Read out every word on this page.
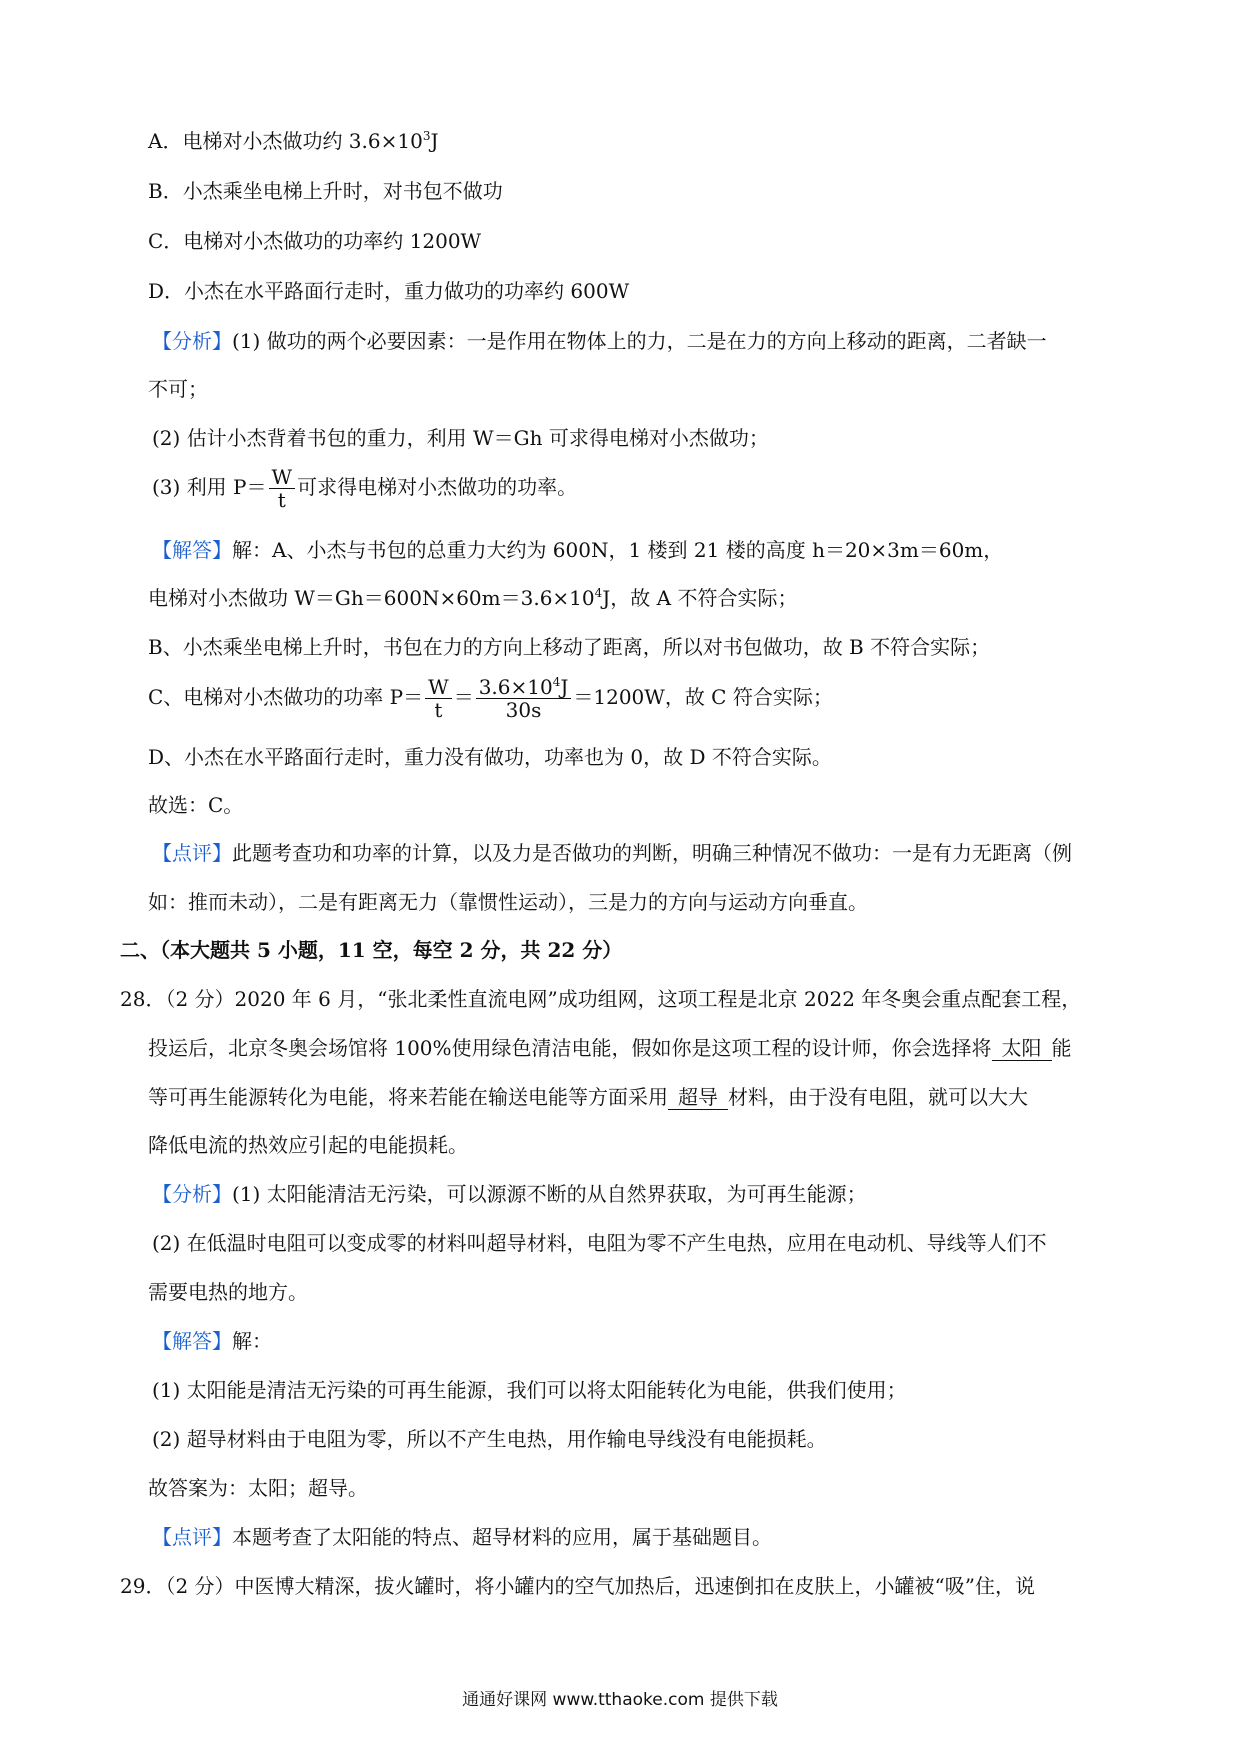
A．电梯对小杰做功约 $3.6\times 10^3J$
B．小杰乘坐电梯上升时，对书包不做功
C．电梯对小杰做功的功率约 1200W
D．小杰在水平路面行走时，重力做功的功率约 600W
【分析】(1) 做功的两个必要因素：一是作用在物体上的力，二是在力的方向上移动的距离，二者缺一
不可；
(2) 估计小杰背着书包的重力，利用 W＝Gh 可求得电梯对小杰做功；
(3) 利用 $P= \frac{W}{t}$ 可求得电梯对小杰做功的功率。
【解答】解：A、小杰与书包的总重力大约为 600N，1 楼到 21 楼的高度 h＝20×3m＝60m，
电梯对小杰做功 $W=Gh=600N\times 60m=3.6\times 10^4J$，故 A 不符合实际；
B、小杰乘坐电梯上升时，书包在力的方向上移动了距离，所以对书包做功，故 B 不符合实际；
C、电梯对小杰做功的功率 $P= \frac{W}{t} = \frac{3.6\times 10^4J}{30s} =1200W$，故 C 符合实际；
D、小杰在水平路面行走时，重力没有做功，功率也为 0，故 D 不符合实际。
故选：C。
【点评】此题考查功和功率的计算，以及力是否做功的判断，明确三种情况不做功：一是有力无距离（例
如：推而未动），二是有距离无力（靠惯性运动），三是力的方向与运动方向垂直。
二、（本大题共 5 小题，11 空，每空 2 分，共 22 分）
28．（2 分）2020 年 6 月，“张北柔性直流电网”成功组网，这项工程是北京 2022 年冬奥会重点配套工程，
投运后，北京冬奥会场馆将 100%使用绿色清洁电能，假如你是这项工程的设计师，你会选择将 太阳 能
等可再生能源转化为电能，将来若能在输送电能等方面采用 超导 材料，由于没有电阻，就可以大大
降低电流的热效应引起的电能损耗。
【分析】(1) 太阳能清洁无污染，可以源源不断的从自然界获取，为可再生能源；
(2) 在低温时电阻可以变成零的材料叫超导材料，电阻为零不产生电热，应用在电动机、导线等人们不
需要电热的地方。
【解答】解：
(1) 太阳能是清洁无污染的可再生能源，我们可以将太阳能转化为电能，供我们使用；
(2) 超导材料由于电阻为零，所以不产生电热，用作输电导线没有电能损耗。
故答案为：太阳；超导。
【点评】本题考查了太阳能的特点、超导材料的应用，属于基础题目。
29．（2 分）中医博大精深，拔火罐时，将小罐内的空气加热后，迅速倒扣在皮肤上，小罐被“吸”住，说
通通好课网 www.tthaoke.com 提供下载
